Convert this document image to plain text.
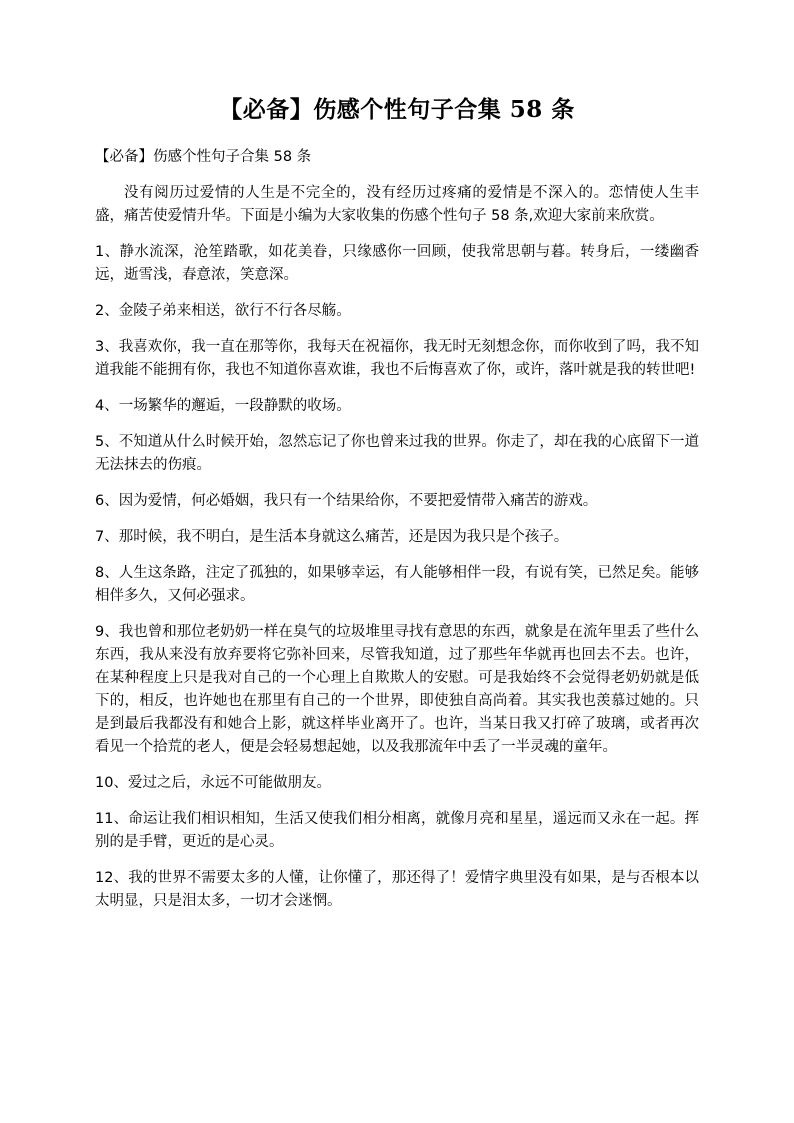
【必备】伤感个性句子合集 58 条
【必备】伤感个性句子合集 58 条

没有阅历过爱情的人生是不完全的，没有经历过疼痛的爱情是不深入的。恋情使人生丰盛，痛苦使爱情升华。下面是小编为大家收集的伤感个性句子 58 条,欢迎大家前来欣赏。

1、静水流深，沧笙踏歌，如花美眷，只缘感你一回顾，使我常思朝与暮。转身后，一缕幽香远，逝雪浅，春意浓，笑意深。

2、金陵子弟来相送，欲行不行各尽觞。

3、我喜欢你，我一直在那等你，我每天在祝福你，我无时无刻想念你，而你收到了吗，我不知道我能不能拥有你，我也不知道你喜欢谁，我也不后悔喜欢了你，或许，落叶就是我的转世吧!

4、一场繁华的邂逅，一段静默的收场。

5、不知道从什么时候开始，忽然忘记了你也曾来过我的世界。你走了，却在我的心底留下一道无法抹去的伤痕。

6、因为爱情，何必婚姻，我只有一个结果给你，不要把爱情带入痛苦的游戏。

7、那时候，我不明白，是生活本身就这么痛苦，还是因为我只是个孩子。

8、人生这条路，注定了孤独的，如果够幸运，有人能够相伴一段，有说有笑，已然足矣。能够相伴多久，又何必强求。

9、我也曾和那位老奶奶一样在臭气的垃圾堆里寻找有意思的东西，就象是在流年里丢了些什么东西，我从来没有放弃要将它弥补回来，尽管我知道，过了那些年华就再也回去不去。也许，在某种程度上只是我对自己的一个心理上自欺欺人的安慰。可是我始终不会觉得老奶奶就是低下的，相反，也许她也在那里有自己的一个世界，即使独自高尚着。其实我也羡慕过她的。只是到最后我都没有和她合上影，就这样毕业离开了。也许，当某日我又打碎了玻璃，或者再次看见一个拾荒的老人，便是会轻易想起她，以及我那流年中丢了一半灵魂的童年。

10、爱过之后，永远不可能做朋友。

11、命运让我们相识相知，生活又使我们相分相离，就像月亮和星星，遥远而又永在一起。挥别的是手臂，更近的是心灵。

12、我的世界不需要太多的人懂，让你懂了，那还得了！爱情字典里没有如果，是与否根本以太明显，只是泪太多，一切才会迷惘。
